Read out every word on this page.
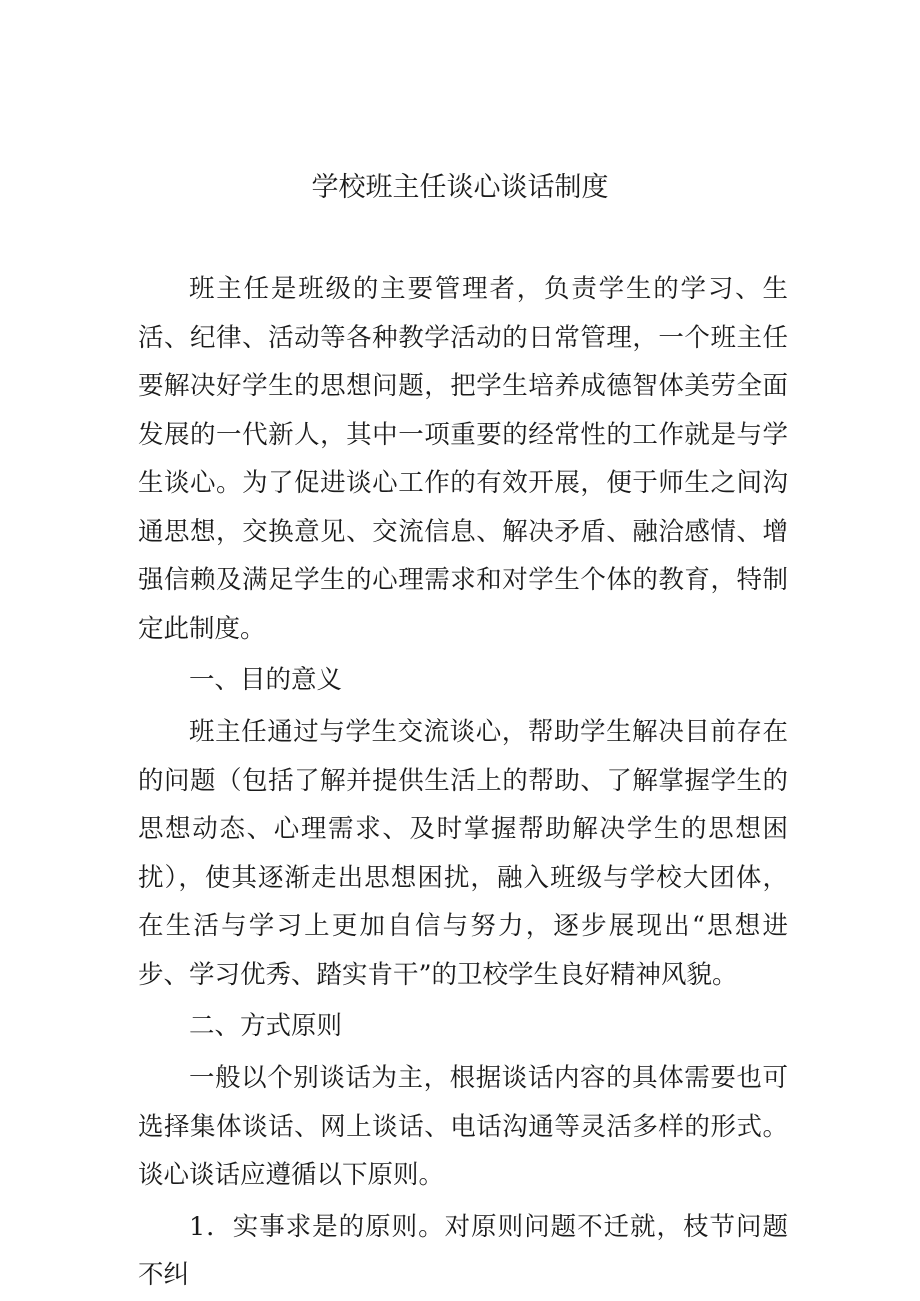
学校班主任谈心谈话制度

班主任是班级的主要管理者，负责学生的学习、生活、纪律、活动等各种教学活动的日常管理，一个班主任要解决好学生的思想问题，把学生培养成德智体美劳全面发展的一代新人，其中一项重要的经常性的工作就是与学生谈心。为了促进谈心工作的有效开展，便于师生之间沟通思想，交换意见、交流信息、解决矛盾、融洽感情、增强信赖及满足学生的心理需求和对学生个体的教育，特制定此制度。

一、目的意义

班主任通过与学生交流谈心，帮助学生解决目前存在的问题（包括了解并提供生活上的帮助、了解掌握学生的思想动态、心理需求、及时掌握帮助解决学生的思想困扰），使其逐渐走出思想困扰，融入班级与学校大团体，在生活与学习上更加自信与努力，逐步展现出“思想进步、学习优秀、踏实肯干”的卫校学生良好精神风貌。

二、方式原则

一般以个别谈话为主，根据谈话内容的具体需要也可选择集体谈话、网上谈话、电话沟通等灵活多样的形式。谈心谈话应遵循以下原则。

1．实事求是的原则。对原则问题不迁就，枝节问题不纠
